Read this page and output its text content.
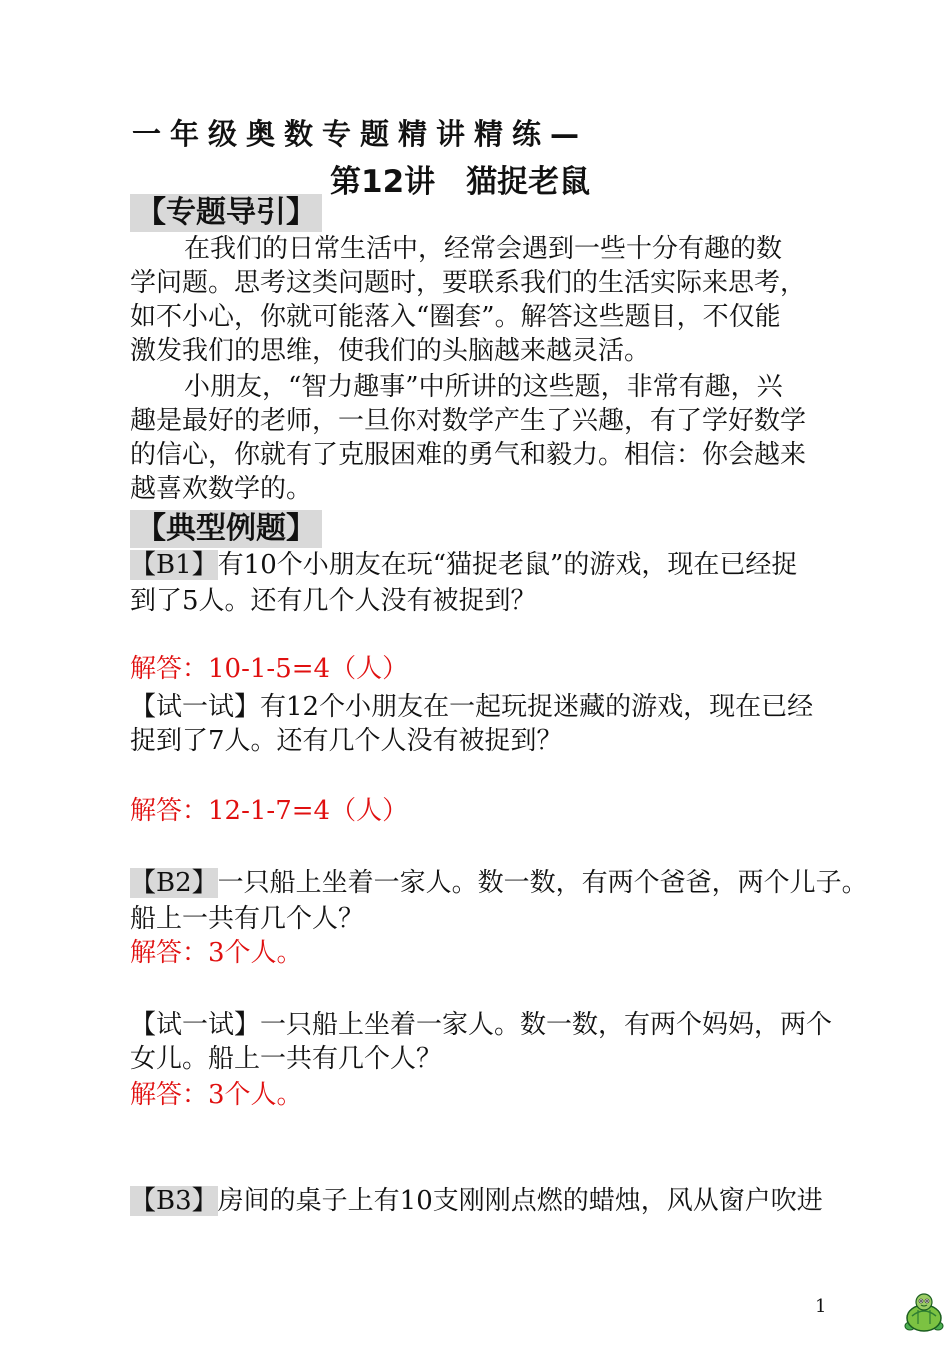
一年级奥数专题精讲精练—
第12讲　猫捉老鼠
【专题导引】
在我们的日常生活中，经常会遇到一些十分有趣的数
学问题。思考这类问题时，要联系我们的生活实际来思考，
如不小心，你就可能落入“圈套”。解答这些题目，不仅能
激发我们的思维，使我们的头脑越来越灵活。
小朋友，“智力趣事”中所讲的这些题，非常有趣，兴
趣是最好的老师，一旦你对数学产生了兴趣，有了学好数学
的信心，你就有了克服困难的勇气和毅力。相信：你会越来
越喜欢数学的。
【典型例题】
【B1】有10个小朋友在玩“猫捉老鼠”的游戏，现在已经捉
到了5人。还有几个人没有被捉到？
解答：10-1-5=4（人）
【试一试】有12个小朋友在一起玩捉迷藏的游戏，现在已经
捉到了7人。还有几个人没有被捉到？
解答：12-1-7=4（人）
【B2】一只船上坐着一家人。数一数，有两个爸爸，两个儿子。
船上一共有几个人？
解答：3个人。
【试一试】一只船上坐着一家人。数一数，有两个妈妈，两个
女儿。船上一共有几个人？
解答：3个人。
【B3】房间的桌子上有10支刚刚点燃的蜡烛，风从窗户吹进
1
